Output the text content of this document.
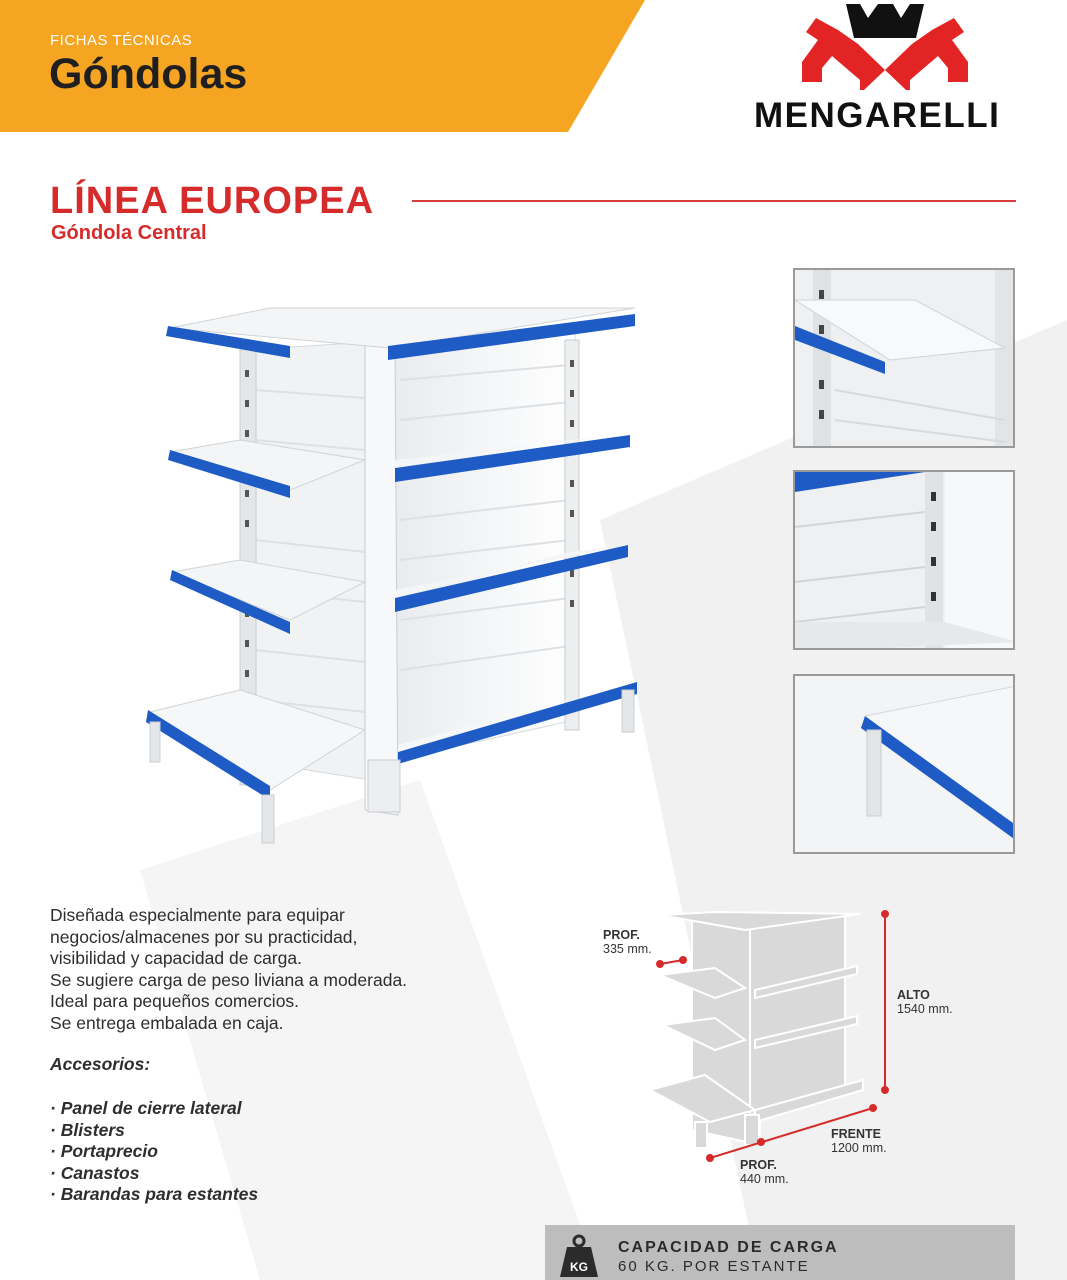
FICHAS TÉCNICAS
Góndolas
MENGARELLI
LÍNEA EUROPEA
Góndola Central

Diseñada especialmente para equipar

negocios/almacenes por su practicidad,

visibilidad y capacidad de carga.

Se sugiere carga de peso liviana a moderada.

Ideal para pequeños comercios.

Se entrega embalada en caja.

Accesorios:
· Panel de cierre lateral
· Blisters
· Portaprecio
· Canastos
· Barandas para estantes
PROF.
335 mm.
ALTO
1540 mm.
FRENTE
1200 mm.
PROF.
440 mm.
KG
CAPACIDAD DE CARGA
60 KG. POR ESTANTE
